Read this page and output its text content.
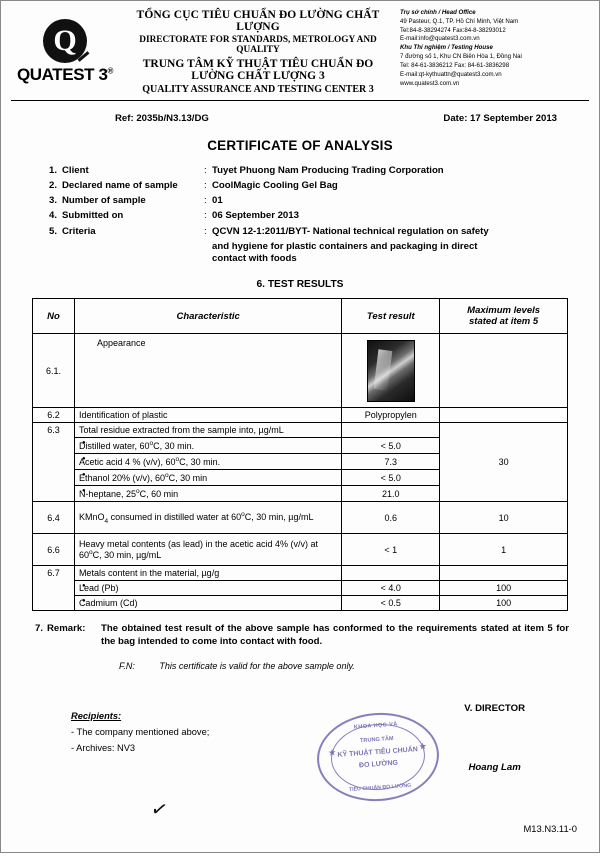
Q
QUATEST 3®
TỔNG CỤC TIÊU CHUẨN ĐO LƯỜNG CHẤT LƯỢNG
DIRECTORATE FOR STANDARDS, METROLOGY AND QUALITY
TRUNG TÂM KỸ THUẬT TIÊU CHUẨN ĐO LƯỜNG CHẤT LƯỢNG 3
QUALITY ASSURANCE AND TESTING CENTER 3
Trụ sở chính / Head Office
49 Pasteur, Q.1, TP. Hồ Chí Minh, Việt Nam
Tel:84-8-38294274 Fax:84-8-38293012
E-mail:info@quatest3.com.vn
Khu Thí nghiệm / Testing House
7 đường số 1, Khu CN Biên Hòa 1, Đồng Nai
Tel: 84-61-3836212 Fax: 84-61-3836298
E-mail:qt-kythuattn@quatest3.com.vn
www.quatest3.com.vn
Ref: 2035b/N3.13/DG	Date: 17 September 2013
CERTIFICATE OF ANALYSIS
1. Client	: Tuyet Phuong Nam Producing Trading Corporation
2. Declared name of sample	: CoolMagic Cooling Gel Bag
3. Number of sample	: 01
4. Submitted on	: 06 September 2013
5. Criteria	: QCVN 12-1:2011/BYT- National technical regulation on safety
and hygiene for plastic containers and packaging in direct
contact with foods
6. TEST RESULTS
No	Characteristic	Test result	Maximum levels
stated at item 5

6.1.	Appearance	

6.2	Identification of plastic	Polypropylen	
6.3	Total residue extracted from the sample into, µg/mL		30
	● Distilled water, 60$^o$C, 30 min.	< 5.0	
	● Acetic acid 4 % (v/v), 60$^o$C, 30 min.	7.3	
	● Ethanol 20% (v/v), 60$^o$C, 30 min	< 5.0	
	● N-heptane, 25$^o$C, 60 min	21.0	
6.4	KMnO$_4$ consumed in distilled water at 60$^o$C, 30 min, µg/mL	0.6	10
6.6	Heavy metal contents (as lead) in the acetic acid 4% (v/v) at 60$^o$C, 30 min, µg/mL	< 1	1
6.7	Metals content in the material, µg/g		
	● Lead (Pb)	< 4.0	100
	● Cadmium (Cd)	< 0.5	100
7. Remark:	The obtained test result of the above sample has conformed to the requirements stated at item 5 for the bag intended to come into contact with food.
F.N:	This certificate is valid for the above sample only.
Recipients:
- The company mentioned above;
- Archives: NV3
KHOA HỌC VÀ
TRUNG TÂM
KỸ THUẬT TIÊU CHUẨN
ĐO LƯỜNG
TIÊU CHUẨN ĐO LƯỜNG
★
★
✓
V. DIRECTOR
Hoang Lam
M13.N3.11-0
